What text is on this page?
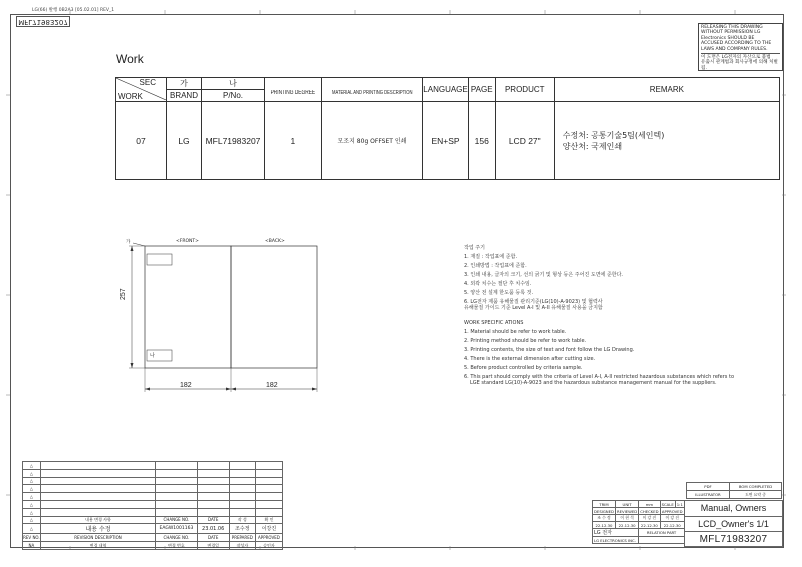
LG(66) 발행 0B2A3 [05.02.01] REV_1
MFL71983207
RELEASING THIS DRAWING
WITHOUT PERMISSION LG
Electronics SHOULD BE
ACCUSED ACCORDING TO THE
LAWS AND COMPANY RULES.
이 도면은 LG전자의 자산으로 불법
유출시 관계법과 회사규정에 의해 처벌됨.
Work
SEC
WORK	가	나	PRINTING DEGREE	MATERIAL AND PRINTING DESCRIPTION	LANGUAGE	PAGE	PRODUCT	REMARK
	BRAND	P/No.						
07	LG	MFL71983207	1	모조지 80g OFFSET 인쇄	EN+SP	156	LCD 27"	수정처: 공통기술5팀(세인텍)
양산처: 국제인쇄
<FRONT>	<BACK>
가
나
257
182	182
작업 주기
1. 재질 : 작업표에 준함.
2. 인쇄방법 : 작업표에 준함.
3. 인쇄 내용, 글자의 크기, 선의 굵기 및 형상 등은 주어진 도면에 준한다.
4. 외곽 치수는 절단 후 치수임.
5. 양산 전 설계 한도품 등록 것.
6. LG전자 제품 유해물질 관리기준(LG(10)-A-9023) 및 협력사
유해물질 가이드 기준 Level A-I 및 A-II 유해물질 사용을 금지함
WORK SPECIFIC ATIONS
1. Material should be refer to work table.
2. Printing method should be refer to work table.
3. Printing contents, the size of text and font follow the LG Drawing.
4. There is the external dimension after cutting size.
5. Before product controlled by criteria sample.
6. This part should comply with the criteria of Level A-I, A-II restricted hazardous substances which refers to
LGE standard LG(10)-A-9023 and the hazardous substance management manual for the suppliers.
△					
△					
△					
△					
△					
△					
△					
△	내용 변경 사항	CHANGE NO.	DATE	작 성	확 인
△	내용 수정	EAGW1001163	23.01.06	조수정	이강진
REV NO.	REVISION DESCRIPTION	CHANGE NO.	DATE	PREPARED	APPROVED
NA	변경 내역	변경 번호	변경일	작성자	승인자
PDF	BOM COMPLETED
ILLUSTRATOR	도면 요약 중
TRIM	UNIT	mm	SCALE	1:1
DESIGNED	REVIEWED	CHECKED	APPROVED	
조 수 정	이 현 석	이 강 진	이 강 진	
22.12.30	22.12.30	22.12.30	22.12.30	
LG 전자		RELATION PART		
LG ELECTRONICS INC.				
Manual, Owners
LCD_Owner's 1/1
MFL71983207
